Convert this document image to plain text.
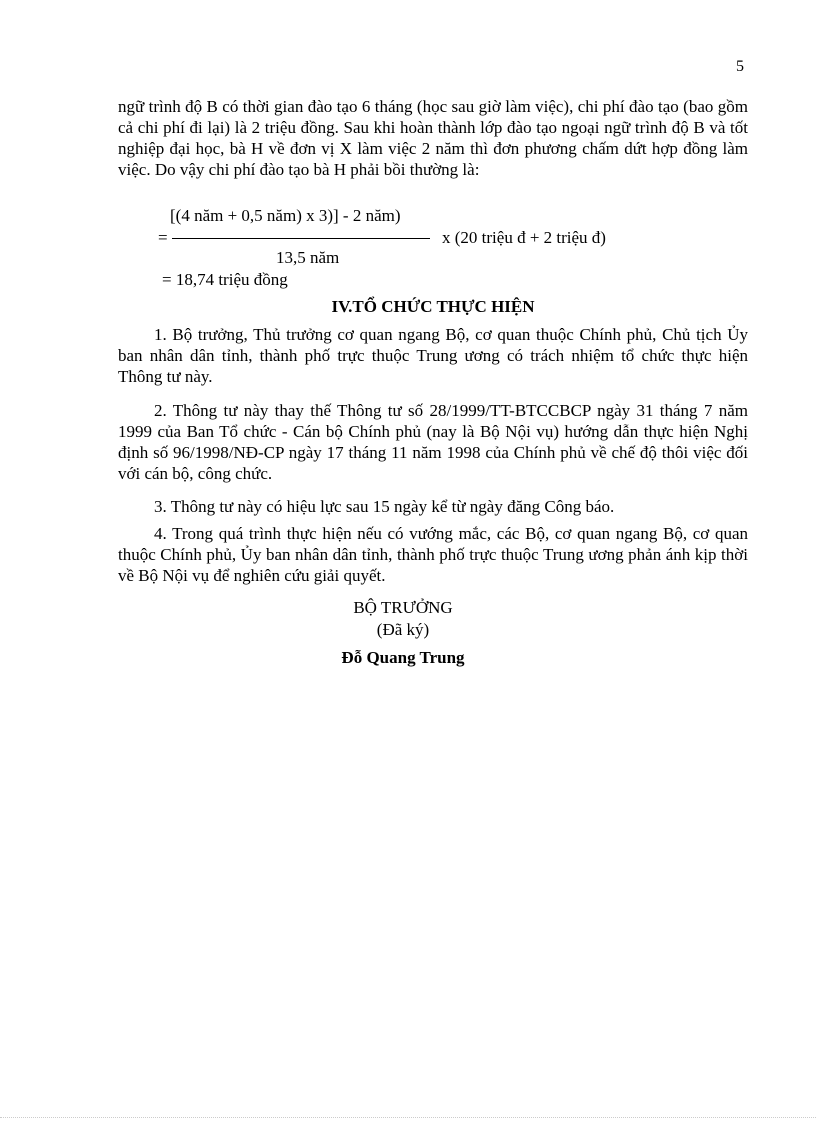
5
ngữ trình độ B có thời gian đào tạo 6 tháng (học sau giờ làm việc), chi phí đào tạo (bao gồm cả chi phí đi lại) là 2 triệu đồng. Sau khi hoàn thành lớp đào tạo ngoại ngữ trình độ B và tốt nghiệp đại học, bà H về đơn vị X làm việc 2 năm thì đơn phương chấm dứt hợp đồng làm việc. Do vậy chi phí đào tạo bà H phải bồi thường là:
[(4 năm + 0,5 năm) x 3)] - 2 năm)
=	x (20 triệu đ + 2 triệu đ)
13,5 năm
= 18,74 triệu đồng
IV.TỔ CHỨC THỰC HIỆN
1. Bộ trưởng, Thủ trưởng cơ quan ngang Bộ, cơ quan thuộc Chính phủ, Chủ tịch Ủy ban nhân dân tỉnh, thành phố trực thuộc Trung ương có trách nhiệm tổ chức thực hiện Thông tư này.
2. Thông tư này thay thế Thông tư số 28/1999/TT-BTCCBCP ngày 31 tháng 7 năm 1999 của Ban Tổ chức - Cán bộ Chính phủ (nay là Bộ Nội vụ) hướng dẫn thực hiện Nghị định số 96/1998/NĐ-CP ngày 17 tháng 11 năm 1998 của Chính phủ về chế độ thôi việc đối với cán bộ, công chức.
3. Thông tư này có hiệu lực sau 15 ngày kể từ ngày đăng Công báo.
4. Trong quá trình thực hiện nếu có vướng mắc, các Bộ, cơ quan ngang Bộ, cơ quan thuộc Chính phủ, Ủy ban nhân dân tỉnh, thành phố trực thuộc Trung ương phản ánh kịp thời về Bộ Nội vụ để nghiên cứu giải quyết.
BỘ TRƯỞNG
(Đã ký)
Đỗ Quang Trung
